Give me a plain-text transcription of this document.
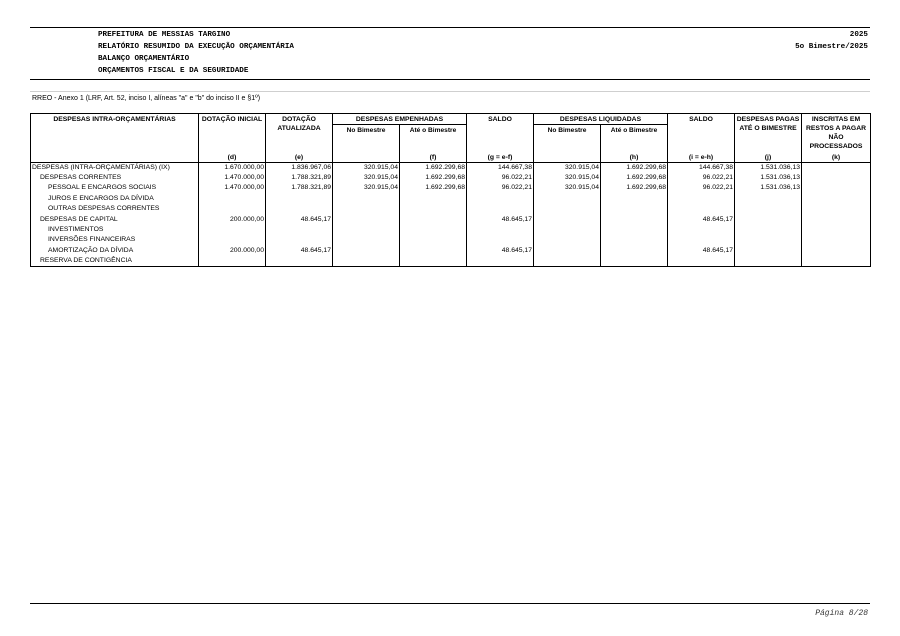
PREFEITURA DE MESSIAS TARGINO
RELATÓRIO RESUMIDO DA EXECUÇÃO ORÇAMENTÁRIA
BALANÇO ORÇAMENTÁRIO
ORÇAMENTOS FISCAL E DA SEGURIDADE
2025
5o Bimestre/2025
RREO - Anexo 1 (LRF, Art. 52, inciso I, alíneas "a" e "b" do inciso II e §1º)
DESPESAS INTRA-ORÇAMENTÁRIAS	DOTAÇÃO INICIAL	DOTAÇÃO ATUALIZADA	DESPESAS EMPENHADAS		SALDO	DESPESAS LIQUIDADAS		SALDO	DESPESAS PAGAS ATÉ O BIMESTRE	INSCRITAS EM RESTOS A PAGAR NÃO PROCESSADOS
			No Bimestre	Até o Bimestre		No Bimestre	Até o Bimestre			
	(d)	(e)		(f)	(g = e-f)		(h)	(i = e-h)	(j)	(k)
DESPESAS (INTRA-ORÇAMENTÁRIAS) (IX)	1.670.000,00	1.836.967,06	320.915,04	1.692.299,68	144.667,38	320.915,04	1.692.299,68	144.667,38	1.531.036,13	
DESPESAS CORRENTES	1.470.000,00	1.788.321,89	320.915,04	1.692.299,68	96.022,21	320.915,04	1.692.299,68	96.022,21	1.531.036,13	
PESSOAL E ENCARGOS SOCIAIS	1.470.000,00	1.788.321,89	320.915,04	1.692.299,68	96.022,21	320.915,04	1.692.299,68	96.022,21	1.531.036,13	
JUROS E ENCARGOS DA DÍVIDA										
OUTRAS DESPESAS CORRENTES										
DESPESAS DE CAPITAL	200.000,00	48.645,17			48.645,17			48.645,17		
INVESTIMENTOS										
INVERSÕES FINANCEIRAS										
AMORTIZAÇÃO DA DÍVIDA	200.000,00	48.645,17			48.645,17			48.645,17		
RESERVA DE CONTIGÊNCIA										
Página 8/28
